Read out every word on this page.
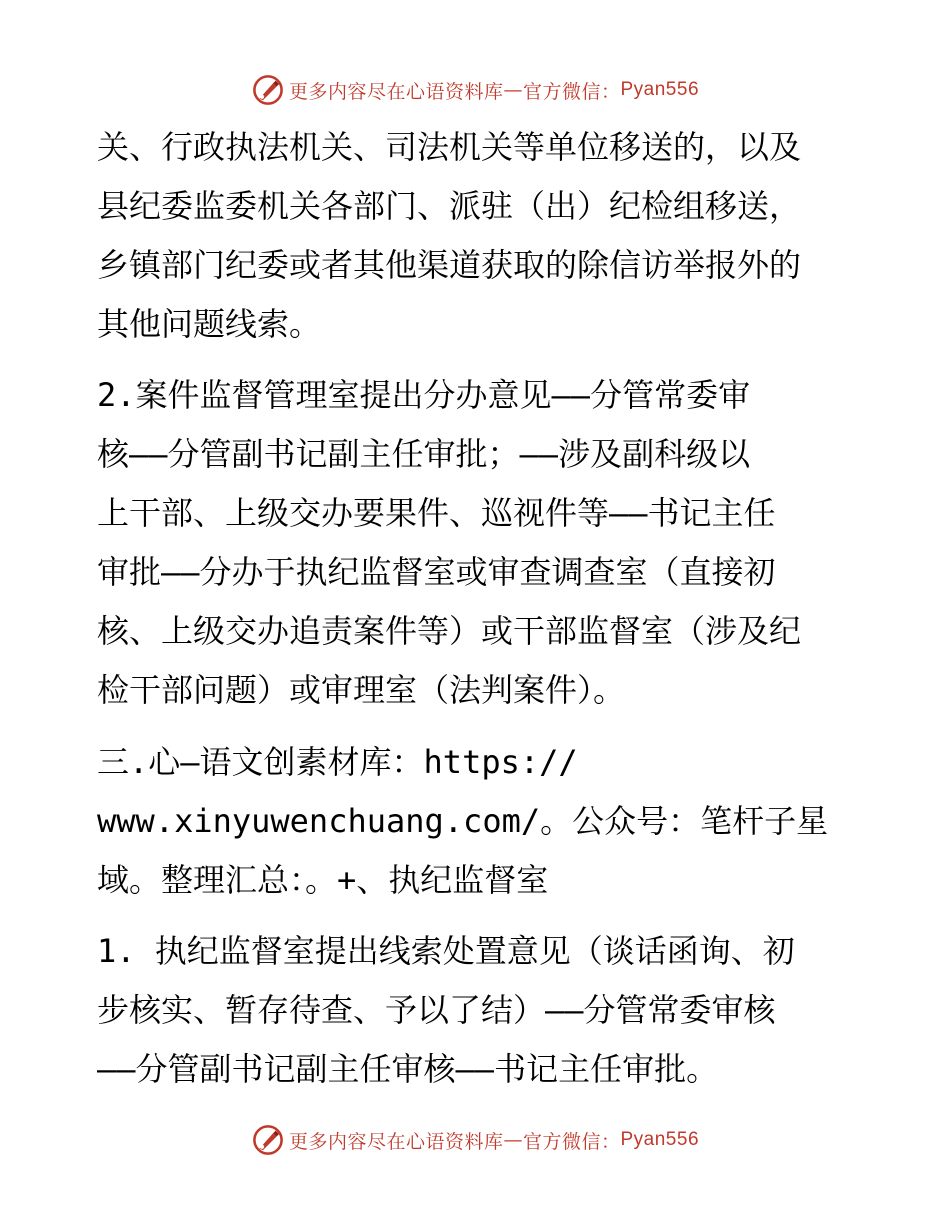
更多内容尽在心语资料库 — 官方微信： Pyan556
关、行政执法机关、司法机关等单位移送的，以及
县纪委监委机关各部门、派驻（出）纪检组移送，
乡镇部门纪委或者其他渠道获取的除信访举报外的
其他问题线索。
2.案件监督管理室提出分办意见——分管常委审
核——分管副书记副主任审批；——涉及副科级以
上干部、上级交办要果件、巡视件等——书记主任
审批——分办于执纪监督室或审查调查室（直接初
核、上级交办追责案件等）或干部监督室（涉及纪
检干部问题）或审理室（法判案件）。
三.心—语文创素材库：https://
www.xinyuwenchuang.com/。公众号：笔杆子星
域。整理汇总：。+、执纪监督室
1. 执纪监督室提出线索处置意见（谈话函询、初
步核实、暂存待查、予以了结）——分管常委审核
——分管副书记副主任审核——书记主任审批。
更多内容尽在心语资料库 — 官方微信： Pyan556
